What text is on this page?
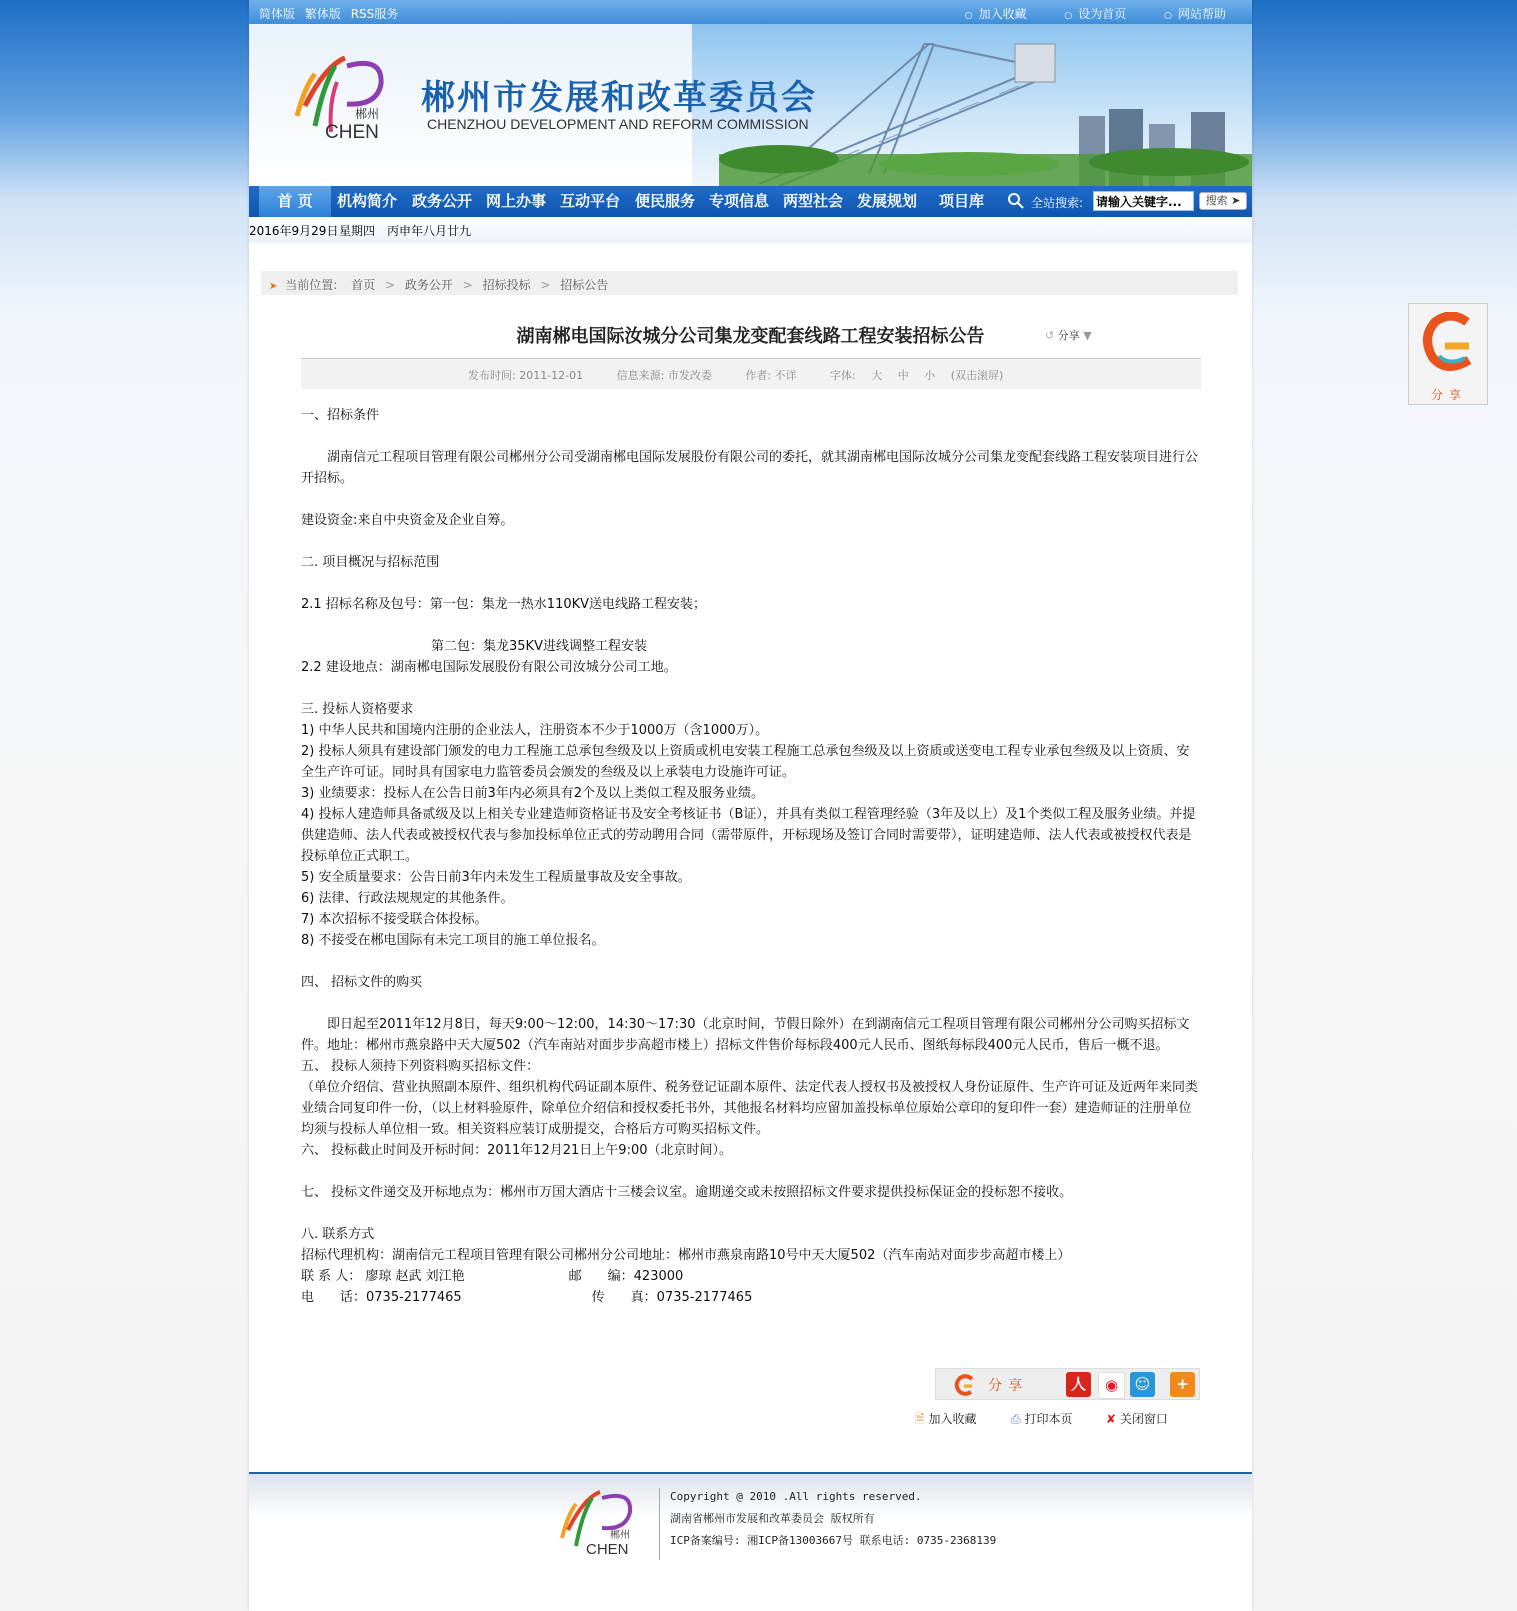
简体版 繁体版 RSS服务	○ 加入收藏	○ 设为首页	○ 网站帮助
郴州
CHEN
郴州市发展和改革委员会
CHENZHOU DEVELOPMENT AND REFORM COMMISSION
首 页	机构简介 政务公开 网上办事 互动平台 便民服务 专项信息 两型社会 发展规划 项目库	全站搜索:
请输入关键字...	搜索 ➤
2016年9月29日 星期四 丙申年八月廿九
➤ 当前位置: 首页 > 政务公开 > 招标投标 > 招标公告
湖南郴电国际汝城分公司集龙变配套线路工程安装招标公告	↺ 分享 ▼
发布时间: 2011-12-01	信息来源: 市发改委	作者: 不详	字体: 大 中 小 (双击滚屏)

一、招标条件

　　湖南信元工程项目管理有限公司郴州分公司受湖南郴电国际发展股份有限公司的委托，就其湖南郴电国际汝城分公司集龙变配套线路工程安装项目进行公开招标。

建设资金:来自中央资金及企业自筹。

二. 项目概况与招标范围

2.1 招标名称及包号：第一包：集龙一热水110KV送电线路工程安装；

　　　　　　　　　　第二包：集龙35KV进线调整工程安装

2.2 建设地点：湖南郴电国际发展股份有限公司汝城分公司工地。

三. 投标人资格要求

1) 中华人民共和国境内注册的企业法人，注册资本不少于1000万（含1000万）。

2) 投标人须具有建设部门颁发的电力工程施工总承包叁级及以上资质或机电安装工程施工总承包叁级及以上资质或送变电工程专业承包叁级及以上资质、安全生产许可证。同时具有国家电力监管委员会颁发的叁级及以上承装电力设施许可证。

3) 业绩要求：投标人在公告日前3年内必须具有2个及以上类似工程及服务业绩。

4) 投标人建造师具备贰级及以上相关专业建造师资格证书及安全考核证书（B证），并具有类似工程管理经验（3年及以上）及1个类似工程及服务业绩。并提供建造师、法人代表或被授权代表与参加投标单位正式的劳动聘用合同（需带原件，开标现场及签订合同时需要带），证明建造师、法人代表或被授权代表是投标单位正式职工。

5) 安全质量要求：公告日前3年内未发生工程质量事故及安全事故。

6) 法律、行政法规规定的其他条件。

7) 本次招标不接受联合体投标。

8) 不接受在郴电国际有未完工项目的施工单位报名。

四、 招标文件的购买

　　即日起至2011年12月8日，每天9:00～12:00，14:30～17:30（北京时间，节假日除外）在到湖南信元工程项目管理有限公司郴州分公司购买招标文件。地址：郴州市燕泉路中天大厦502（汽车南站对面步步高超市楼上）招标文件售价每标段400元人民币、图纸每标段400元人民币，售后一概不退。

五、 投标人须持下列资料购买招标文件：

（单位介绍信、营业执照副本原件、组织机构代码证副本原件、税务登记证副本原件、法定代表人授权书及被授权人身份证原件、生产许可证及近两年来同类业绩合同复印件一份，（以上材料验原件，除单位介绍信和授权委托书外，其他报名材料均应留加盖投标单位原始公章印的复印件一套）建造师证的注册单位均须与投标人单位相一致。相关资料应装订成册提交，合格后方可购买招标文件。

六、 投标截止时间及开标时间：2011年12月21日上午9:00（北京时间）。

七、 投标文件递交及开标地点为：郴州市万国大酒店十三楼会议室。逾期递交或未按照招标文件要求提供投标保证金的投标恕不接收。

八. 联系方式

招标代理机构：湖南信元工程项目管理有限公司郴州分公司地址：郴州市燕泉南路10号中天大厦502（汽车南站对面步步高超市楼上）

联 系 人： 廖琼 赵武 刘江艳　　　　　　　　邮　　编：423000

电　　话：0735-2177465　　　　　　　　　　传　　真：0735-2177465

分享	人	◉	☺	+
🗎 加入收藏	⎙ 打印本页	✘ 关闭窗口
郴州
CHEN
Copyright @ 2010 .All rights reserved.
湖南省郴州市发展和改革委员会 版权所有
ICP备案编号: 湘ICP备13003667号 联系电话: 0735-2368139
分享
